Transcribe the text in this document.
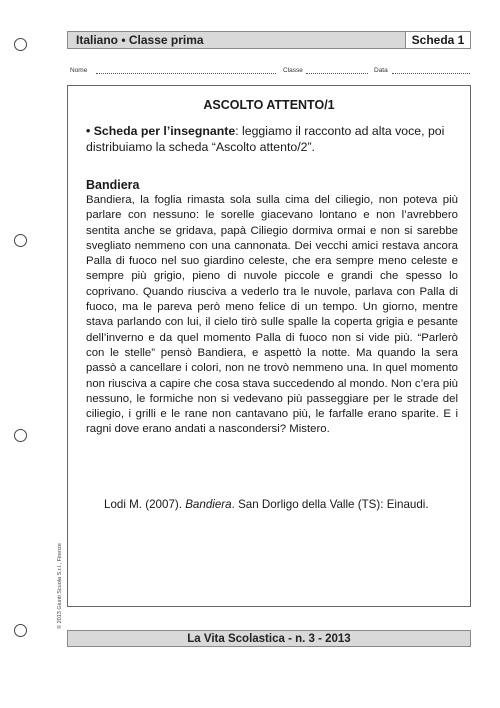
Italiano • Classe prima	Scheda 1
Nome	Classe	Data
ASCOLTO ATTENTO/1
• Scheda per l’insegnante: leggiamo il racconto ad alta voce, poi distribuiamo la scheda “Ascolto attento/2”.
Bandiera
Bandiera, la foglia rimasta sola sulla cima del ciliegio, non poteva più parlare con nessuno: le sorelle giacevano lontano e non l’avrebbero sentita anche se gridava, papà Ciliegio dormiva ormai e non si sarebbe svegliato nemmeno con una cannonata. Dei vecchi amici restava ancora Palla di fuoco nel suo giardino celeste, che era sempre meno celeste e sempre più grigio, pieno di nuvole piccole e grandi che spesso lo coprivano. Quando riusciva a vederlo tra le nuvole, parlava con Palla di fuoco, ma le pareva però meno felice di un tempo. Un giorno, mentre stava parlando con lui, il cielo tirò sulle spalle la coperta grigia e pesante dell’inverno e da quel momento Palla di fuoco non si vide più. “Parlerò con le stelle” pensò Bandiera, e aspettò la notte. Ma quando la sera passò a cancellare i colori, non ne trovò nemmeno una. In quel momento non riusciva a capire che cosa stava succedendo al mondo. Non c’era più nessuno, le formiche non si vedevano più passeggiare per le strade del ciliegio, i grilli e le rane non cantavano più, le farfalle erano sparite. E i ragni dove erano andati a nascondersi? Mistero.
Lodi M. (2007). Bandiera. San Dorligo della Valle (TS): Einaudi.
© 2013 Giunti Scuola S.r.l., Firenze
La Vita Scolastica - n. 3 - 2013
